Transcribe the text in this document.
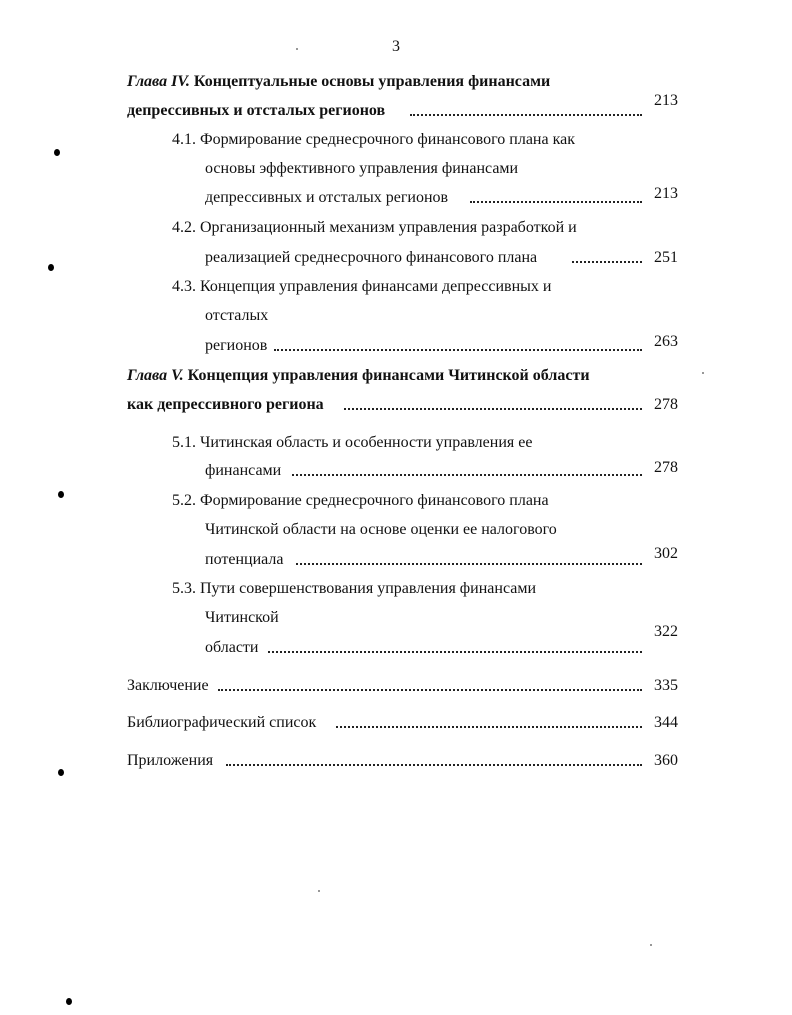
3
Глава IV. Концептуальные основы управления финансами
депрессивных и отсталых регионов
213
4.1. Формирование среднесрочного финансового плана как
основы эффективного управления финансами
депрессивных и отсталых регионов	213
4.2. Организационный механизм управления разработкой и
реализацией среднесрочного финансового плана	251
4.3. Концепция управления финансами депрессивных и
отсталых
регионов	263
Глава V. Концепция управления финансами Читинской области
как депрессивного региона	278
5.1. Читинская область и особенности управления ее
финансами	278
5.2. Формирование среднесрочного финансового плана
Читинской области на основе оценки ее налогового
потенциала	302
5.3. Пути совершенствования управления финансами
Читинской
области
322
Заключение	335
Библиографический список	344
Приложения	360
